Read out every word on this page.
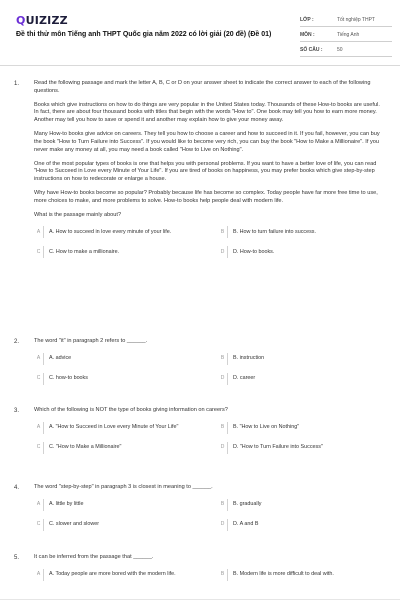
QUIZIZZ
Đề thi thử môn Tiếng anh THPT Quốc gia năm 2022 có lời giải (20 đề) (Đề 01)
LỚP :	Tốt nghiệp THPT
MÔN :	Tiếng Anh
SỐ CÂU :	50
1.	Read the following passage and mark the letter A, B, C or D on your answer sheet to indicate the correct answer to each of the following questions.

Books which give instructions on how to do things are very popular in the United States today. Thousands of these How-to books are useful. In fact, there are about four thousand books with titles that begin with the words "How to". One book may tell you how to earn more money. Another may tell you how to save or spend it and another may explain how to give your money away.

Many How-to books give advice on careers. They tell you how to choose a career and how to succeed in it. If you fail, however, you can buy the book "How to Turn Failure into Success". If you would like to become very rich, you can buy the book "How to Make a Millionaire". If you never make any money at all, you may need a book called "How to Live on Nothing".

One of the most popular types of books is one that helps you with personal problems. If you want to have a better love of life, you can read "How to Succeed in Love every Minute of Your Life". If you are tired of books on happiness, you may prefer books which give step-by-step instructions on how to redecorate or enlarge a house.

Why have How-to books become so popular? Probably because life has become so complex. Today people have far more free time to use, more choices to make, and more problems to solve. How-to books help people deal with modern life.

What is the passage mainly about?
A	A. How to succeed in love every minute of your life.	B	B. How to turn failure into success.
C	C. How to make a millionaire.	D	D. How-to books.
2.	The word "it" in paragraph 2 refers to ______.
A	A. advice	B	B. instruction
C	C. how-to books	D	D. career
3.	Which of the following is NOT the type of books giving information on careers?
A	A. "How to Succeed in Love every Minute of Your Life"	B	B. "How to Live on Nothing"
C	C. "How to Make a Millionaire"	D	D. "How to Turn Failure into Success"
4.	The word "step-by-step" in paragraph 3 is closest in meaning to ______.
A	A. little by little	B	B. gradually
C	C. slower and slower	D	D. A and B
5.	It can be inferred from the passage that ______.
A	A. Today people are more bored with the modern life.	B	B. Modern life is more difficult to deal with.
